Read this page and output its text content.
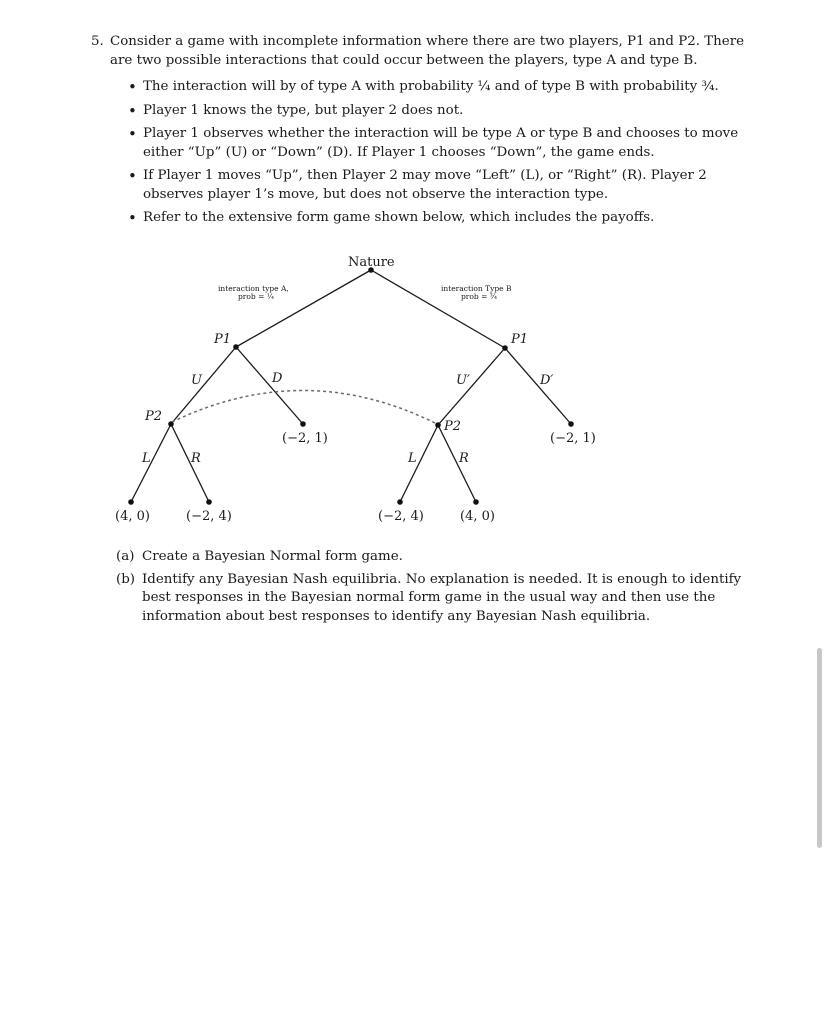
5. Consider a game with incomplete information where there are two players, P1 and P2. There are two possible interactions that could occur between the players, type A and type B.
• The interaction will by of type A with probability ¼ and of type B with probability ¾.
• Player 1 knows the type, but player 2 does not.
• Player 1 observes whether the interaction will be type A or type B and chooses to move either “Up” (U) or “Down” (D). If Player 1 chooses “Down”, the game ends.
• If Player 1 moves “Up”, then Player 2 may move “Left” (L), or “Right” (R). Player 2 observes player 1’s move, but does not observe the interaction type.
• Refer to the extensive form game shown below, which includes the payoffs.
Nature
interaction type A,
prob = ¼
interaction Type B
prob = ¾
P1	P1
P2
P2
U	D	U′	D′
L	R	L	R
(−2, 1)	(−2, 1)
(4, 0)	(−2, 4)	(−2, 4)	(4, 0)
(a) Create a Bayesian Normal form game.
(b) Identify any Bayesian Nash equilibria. No explanation is needed. It is enough to identify best responses in the Bayesian normal form game in the usual way and then use the information about best responses to identify any Bayesian Nash equilibria.
